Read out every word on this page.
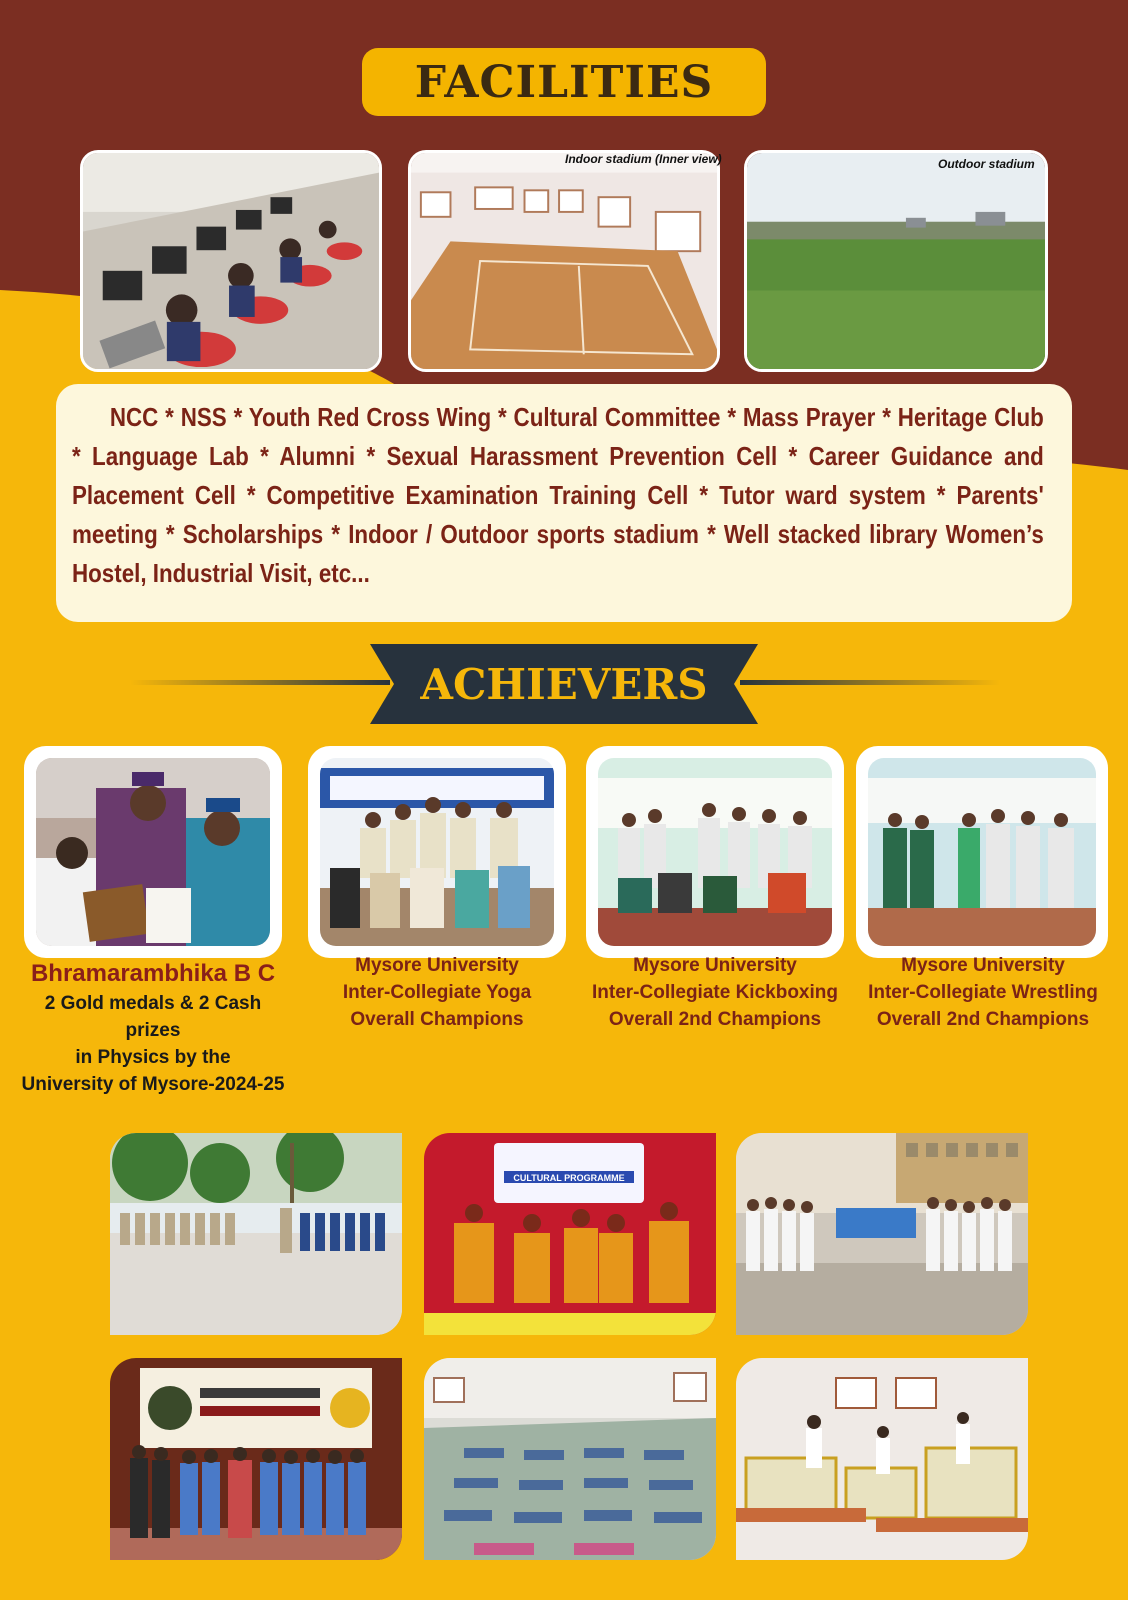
FACILITIES
Indoor stadium (Inner view)	Outdoor stadium

NCC * NSS * Youth Red Cross Wing * Cultural Committee * Mass Prayer * Heritage Club * Language Lab * Alumni * Sexual Harassment Prevention Cell * Career Guidance and Placement Cell * Competitive Examination Training Cell * Tutor ward system * Parents' meeting * Scholarships * Indoor / Outdoor sports stadium * Well stacked library Women’s Hostel, Industrial Visit, etc...

ACHIEVERS
Bhramarambhika B C
2 Gold medals & 2 Cash prizes
in Physics by the
University of Mysore-2024-25
Mysore University
Inter-Collegiate Yoga
Overall Champions
Mysore University
Inter-Collegiate Kickboxing
Overall 2nd Champions
Mysore University
Inter-Collegiate Wrestling
Overall 2nd Champions
CULTURAL PROGRAMME
